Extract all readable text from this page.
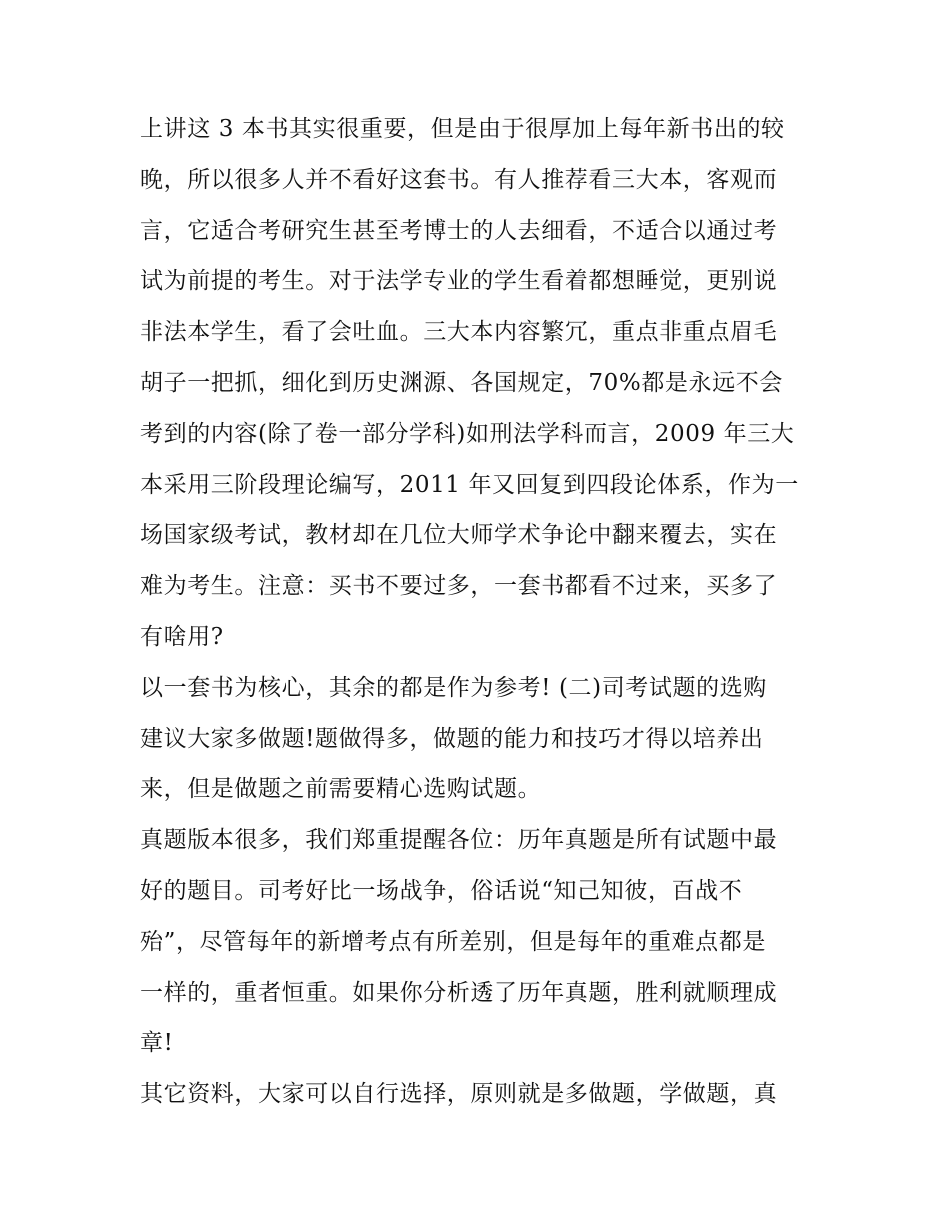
上讲这 3 本书其实很重要，但是由于很厚加上每年新书出的较
晚，所以很多人并不看好这套书。有人推荐看三大本，客观而
言，它适合考研究生甚至考博士的人去细看，不适合以通过考
试为前提的考生。对于法学专业的学生看着都想睡觉，更别说
非法本学生，看了会吐血。三大本内容繁冗，重点非重点眉毛
胡子一把抓，细化到历史渊源、各国规定，70%都是永远不会
考到的内容(除了卷一部分学科)如刑法学科而言，2009 年三大
本采用三阶段理论编写，2011 年又回复到四段论体系，作为一
场国家级考试，教材却在几位大师学术争论中翻来覆去，实在
难为考生。注意：买书不要过多，一套书都看不过来，买多了
有啥用?
以一套书为核心，其余的都是作为参考! (二)司考试题的选购
建议大家多做题!题做得多，做题的能力和技巧才得以培养出
来，但是做题之前需要精心选购试题。
真题版本很多，我们郑重提醒各位：历年真题是所有试题中最
好的题目。司考好比一场战争，俗话说“知己知彼，百战不
殆”，尽管每年的新增考点有所差别，但是每年的重难点都是
一样的，重者恒重。如果你分析透了历年真题，胜利就顺理成
章!
其它资料，大家可以自行选择，原则就是多做题，学做题，真
